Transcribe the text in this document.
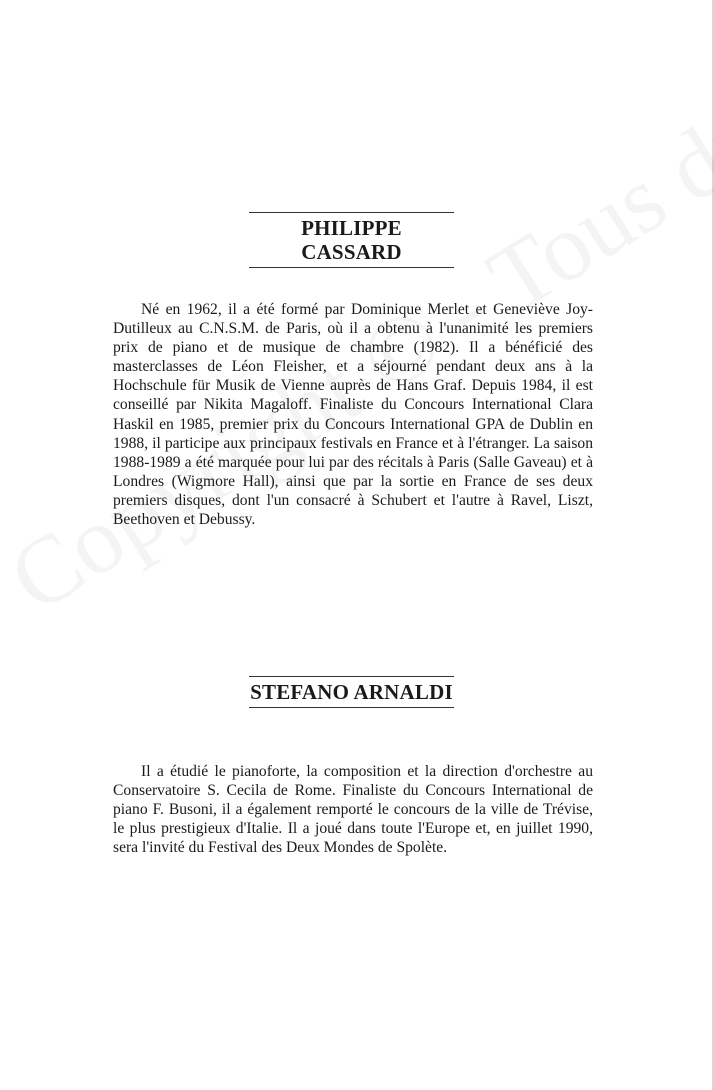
PHILIPPE CASSARD

Né en 1962, il a été formé par Dominique Merlet et Geneviève Joy-Dutilleux au C.N.S.M. de Paris, où il a obtenu à l'unanimité les premiers prix de piano et de musique de chambre (1982). Il a bénéficié des masterclasses de Léon Fleisher, et a séjourné pendant deux ans à la Hochschule für Musik de Vienne auprès de Hans Graf. Depuis 1984, il est conseillé par Nikita Magaloff. Finaliste du Concours International Clara Haskil en 1985, premier prix du Concours International GPA de Dublin en 1988, il participe aux principaux festivals en France et à l'étranger. La saison 1988-1989 a été marquée pour lui par des récitals à Paris (Salle Gaveau) et à Londres (Wigmore Hall), ainsi que par la sortie en France de ses deux premiers disques, dont l'un consacré à Schubert et l'autre à Ravel, Liszt, Beethoven et Debussy.

STEFANO ARNALDI

Il a étudié le pianoforte, la composition et la direction d'orchestre au Conservatoire S. Cecila de Rome. Finaliste du Concours International de piano F. Busoni, il a également remporté le concours de la ville de Trévise, le plus prestigieux d'Italie. Il a joué dans toute l'Europe et, en juillet 1990, sera l'invité du Festival des Deux Mondes de Spolète.
